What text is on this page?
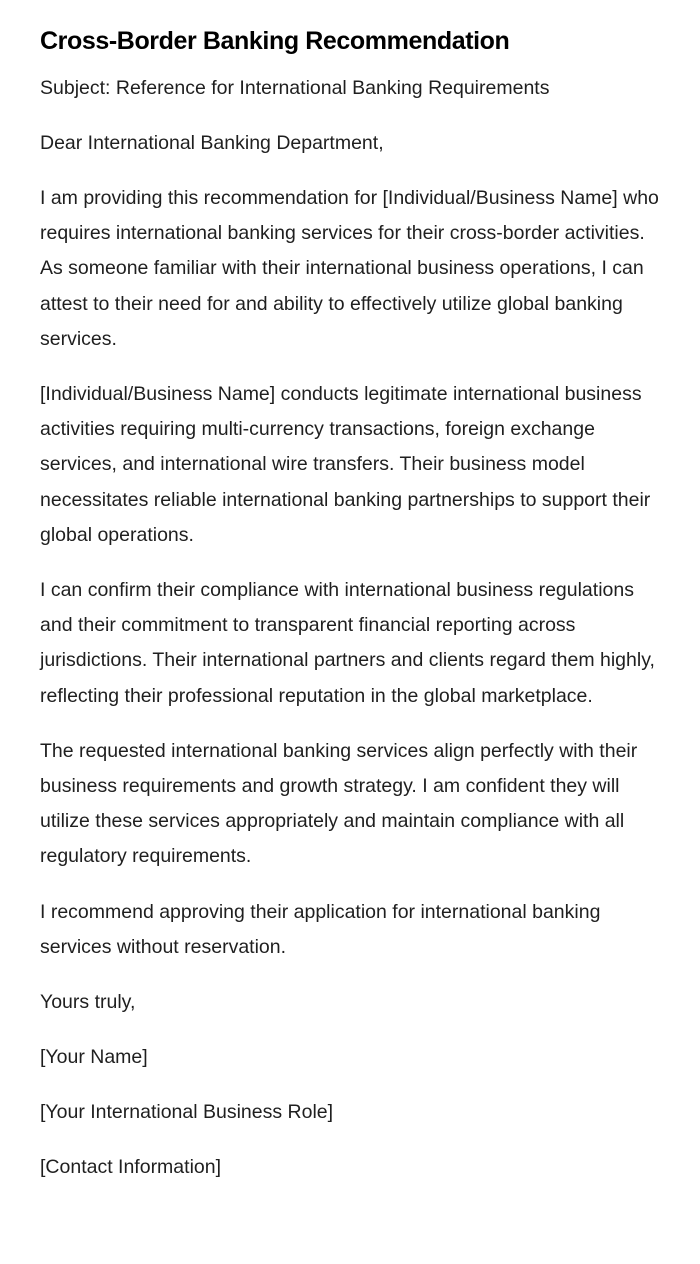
Cross-Border Banking Recommendation

Subject: Reference for International Banking Requirements

Dear International Banking Department,

I am providing this recommendation for [Individual/Business Name] who requires international banking services for their cross-border activities. As someone familiar with their international business operations, I can attest to their need for and ability to effectively utilize global banking services.

[Individual/Business Name] conducts legitimate international business activities requiring multi-currency transactions, foreign exchange services, and international wire transfers. Their business model necessitates reliable international banking partnerships to support their global operations.

I can confirm their compliance with international business regulations and their commitment to transparent financial reporting across jurisdictions. Their international partners and clients regard them highly, reflecting their professional reputation in the global marketplace.

The requested international banking services align perfectly with their business requirements and growth strategy. I am confident they will utilize these services appropriately and maintain compliance with all regulatory requirements.

I recommend approving their application for international banking services without reservation.

Yours truly,

[Your Name]

[Your International Business Role]

[Contact Information]
